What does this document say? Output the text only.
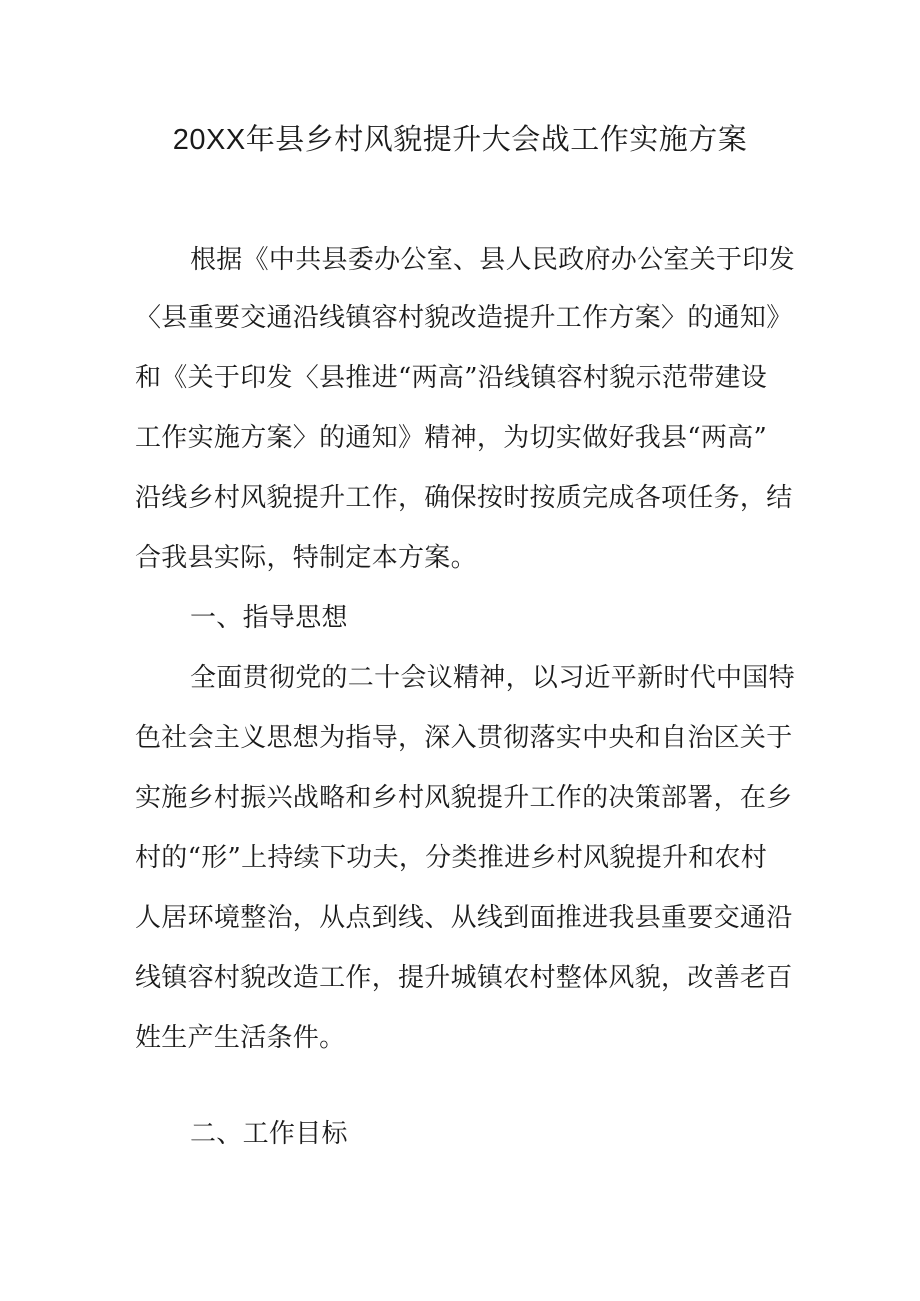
20XX年县乡村风貌提升大会战工作实施方案
根据《中共县委办公室、县人民政府办公室关于印发
〈县重要交通沿线镇容村貌改造提升工作方案〉的通知》
和《关于印发〈县推进“两高”沿线镇容村貌示范带建设
工作实施方案〉的通知》精神，为切实做好我县“两高”
沿线乡村风貌提升工作，确保按时按质完成各项任务，结
合我县实际，特制定本方案。
一、指导思想
全面贯彻党的二十会议精神，以习近平新时代中国特
色社会主义思想为指导，深入贯彻落实中央和自治区关于
实施乡村振兴战略和乡村风貌提升工作的决策部署，在乡
村的“形”上持续下功夫，分类推进乡村风貌提升和农村
人居环境整治，从点到线、从线到面推进我县重要交通沿
线镇容村貌改造工作，提升城镇农村整体风貌，改善老百
姓生产生活条件。
二、工作目标
